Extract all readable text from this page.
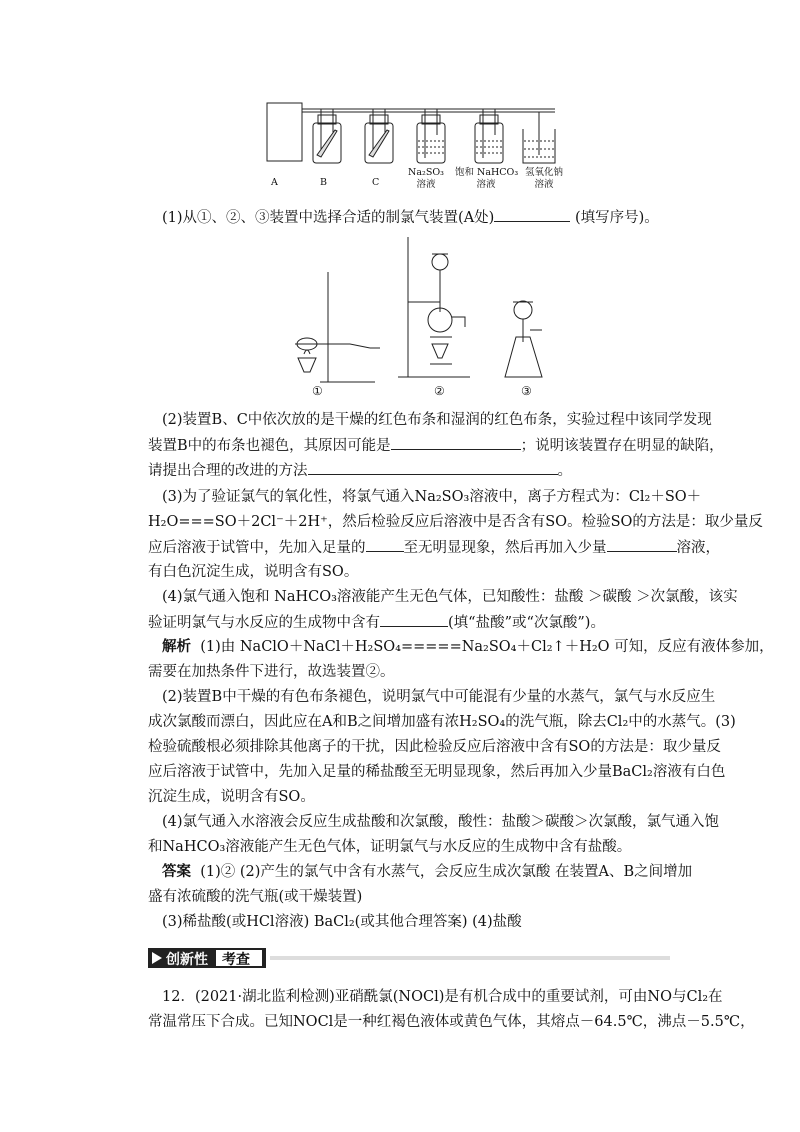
A	B	C
Na₂SO₃
溶液
饱和 NaHCO₃
溶液
氢氧化钠
溶液
(1)从①、②、③装置中选择合适的制氯气装置(A处)	(填写序号)。
①	②	③
(2)装置B、C中依次放的是干燥的红色布条和湿润的红色布条，实验过程中该同学发现
装置B中的布条也褪色，其原因可能是	；说明该装置存在明显的缺陷，
请提出合理的改进的方法	。
(3)为了验证氯气的氧化性，将氯气通入Na₂SO₃溶液中，离子方程式为：Cl₂＋SO＋
H₂O===SO＋2Cl⁻＋2H⁺，然后检验反应后溶液中是否含有SO。检验SO的方法是：取少量反
应后溶液于试管中，先加入足量的	至无明显现象，然后再加入少量	溶液，
有白色沉淀生成，说明含有SO。
(4)氯气通入饱和 NaHCO₃溶液能产生无色气体，已知酸性：盐酸 ＞碳酸 ＞次氯酸，该实
验证明氯气与水反应的生成物中含有	(填“盐酸”或“次氯酸”)。
解析 (1)由 NaClO＋NaCl＋H₂SO₄=====Na₂SO₄＋Cl₂↑＋H₂O 可知，反应有液体参加，
需要在加热条件下进行，故选装置②。
(2)装置B中干燥的有色布条褪色，说明氯气中可能混有少量的水蒸气，氯气与水反应生
成次氯酸而漂白，因此应在A和B之间增加盛有浓H₂SO₄的洗气瓶，除去Cl₂中的水蒸气。(3)
检验硫酸根必须排除其他离子的干扰，因此检验反应后溶液中含有SO的方法是：取少量反
应后溶液于试管中，先加入足量的稀盐酸至无明显现象，然后再加入少量BaCl₂溶液有白色
沉淀生成，说明含有SO。
(4)氯气通入水溶液会反应生成盐酸和次氯酸，酸性：盐酸＞碳酸＞次氯酸，氯气通入饱
和NaHCO₃溶液能产生无色气体，证明氯气与水反应的生成物中含有盐酸。
答案 (1)② (2)产生的氯气中含有水蒸气，会反应生成次氯酸 在装置A、B之间增加
盛有浓硫酸的洗气瓶(或干燥装置)
(3)稀盐酸(或HCl溶液) BaCl₂(或其他合理答案) (4)盐酸
创新性 考查
12．(2021·湖北监利检测)亚硝酰氯(NOCl)是有机合成中的重要试剂，可由NO与Cl₂在
常温常压下合成。已知NOCl是一种红褐色液体或黄色气体，其熔点－64.5℃，沸点－5.5℃，
